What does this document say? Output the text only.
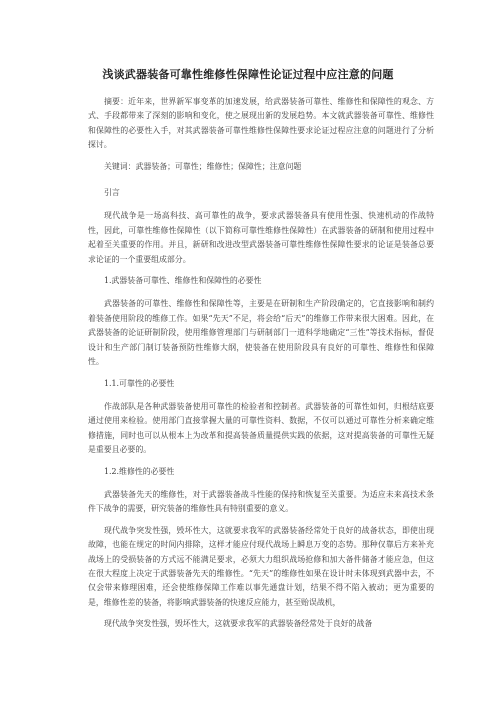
浅谈武器装备可靠性维修性保障性论证过程中应注意的问题

摘要：近年来，世界新军事变革的加速发展，给武器装备可靠性、维修性和保障性的观念、方式、手段都带来了深刻的影响和变化，使之展现出新的发展趋势。本文就武器装备可靠性、维修性和保障性的必要性入手，对其武器装备可靠性维修性保障性要求论证过程应注意的问题进行了分析探讨。

关键词：武器装备；可靠性；维修性；保障性；注意问题

引言

现代战争是一场高科技、高可靠性的战争，要求武器装备具有使用性强、快速机动的作战特性，因此，可靠性维修性保障性（以下简称可靠性维修性保障性）在武器装备的研制和使用过程中起着至关重要的作用。并且，新研和改进改型武器装备可靠性维修性保障性要求的论证是装备总要求论证的一个重要组成部分。

1.武器装备可靠性、维修性和保障性的必要性

武器装备的可靠性、维修性和保障性等，主要是在研制和生产阶段确定的，它直接影响和制约着装备使用阶段的维修工作。如果“先天”不足，将会给“后天”的维修工作带来很大困难。因此，在武器装备的论证研制阶段，使用维修管理部门与研制部门一道科学地确定“三性”等技术指标，督促设计和生产部门制订装备预防性维修大纲，使装备在使用阶段具有良好的可靠性、维修性和保障性。

1.1.可靠性的必要性

作战部队是各种武器装备使用可靠性的检验者和控制者。武器装备的可靠性如何，归根结底要通过使用来检验。使用部门直接掌握大量的可靠性资料、数据，不仅可以通过可靠性分析来确定维修措施，同时也可以从根本上为改革和提高装备质量提供实践的依据，这对提高装备的可靠性无疑是重要且必要的。

1.2.维修性的必要性

武器装备先天的维修性，对于武器装备战斗性能的保持和恢复至关重要。为适应未来高技术条件下战争的需要，研究装备的维修性具有特别重要的意义。

现代战争突发性强，毁坏性大，这就要求我军的武器装备经常处于良好的战备状态，即使出现故障，也能在规定的时间内排除，这样才能应付现代战场上瞬息万变的态势。那种仅靠后方来补充战场上的受损装备的方式远不能满足要求，必须大力组织战场抢修和加大备件储备才能应急，但这在很大程度上决定于武器装备先天的维修性。“先天”的维修性如果在设计时未体现到武器中去，不仅会带来修理困难，还会使维修保障工作难以事先通盘计划，结果不得不陷入被动；更为重要的是，维修性差的装备，将影响武器装备的快速反应能力，甚至贻误战机，

现代战争突发性强，毁坏性大，这就要求我军的武器装备经常处于良好的战备
